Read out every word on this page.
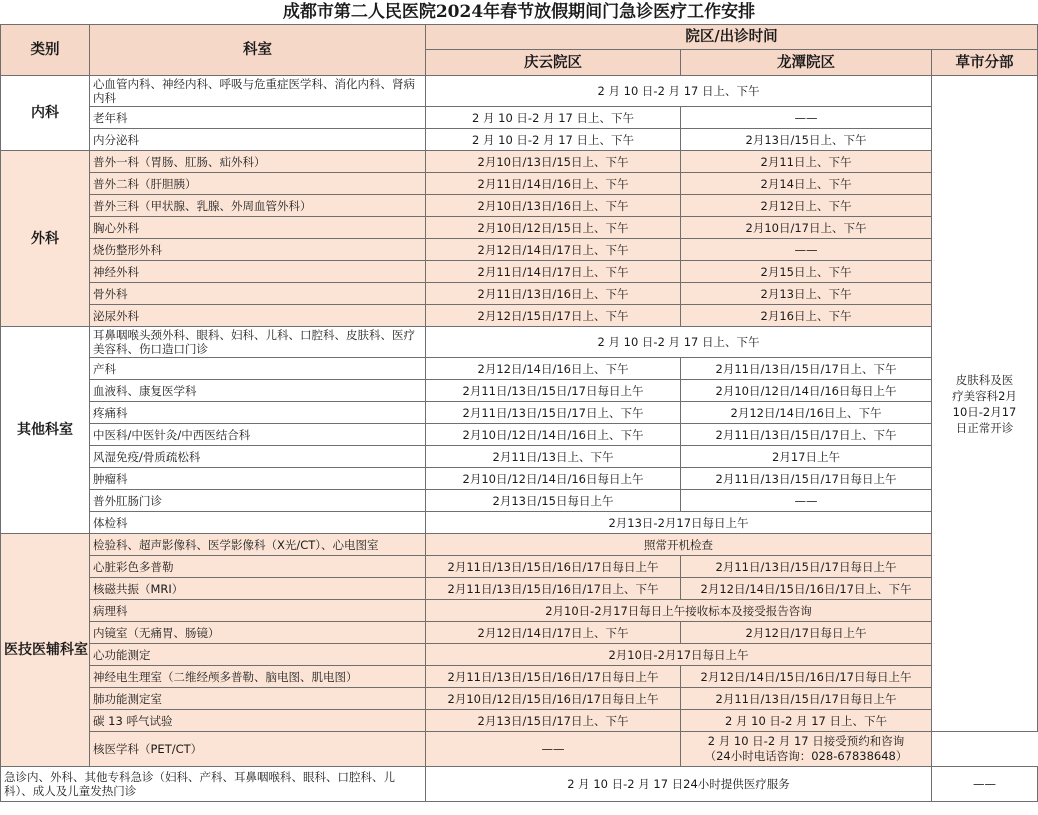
成都市第二人民医院2024年春节放假期间门急诊医疗工作安排
类别	科室	院区/出诊时间		
		庆云院区	龙潭院区	草市分部
内科	心血管内科、神经内科、呼吸与危重症医学科、消化内科、肾病内科	2 月 10 日-2 月 17 日上、下午		皮肤科及医疗美容科2月10日-2月17日正常开诊

	老年科	2 月 10 日-2 月 17 日上、下午	——	
	内分泌科	2 月 10 日-2 月 17 日上、下午	2月13日/15日上、下午	
外科	普外一科（胃肠、肛肠、疝外科）	2月10日/13日/15日上、下午	2月11日上、下午	
	普外二科（肝胆胰）	2月11日/14日/16日上、下午	2月14日上、下午	
	普外三科（甲状腺、乳腺、外周血管外科）	2月10日/13日/16日上、下午	2月12日上、下午	
	胸心外科	2月10日/12日/15日上、下午	2月10日/17日上、下午	
	烧伤整形外科	2月12日/14日/17日上、下午	——	
	神经外科	2月11日/14日/17日上、下午	2月15日上、下午	
	骨外科	2月11日/13日/16日上、下午	2月13日上、下午	
	泌尿外科	2月12日/15日/17日上、下午	2月16日上、下午	
其他科室	耳鼻咽喉头颈外科、眼科、妇科、儿科、口腔科、皮肤科、医疗美容科、伤口造口门诊	2 月 10 日-2 月 17 日上、下午		
	产科	2月12日/14日/16日上、下午	2月11日/13日/15日/17日上、下午	
	血液科、康复医学科	2月11日/13日/15日/17日每日上午	2月10日/12日/14日/16日每日上午	
	疼痛科	2月11日/13日/15日/17日上、下午	2月12日/14日/16日上、下午	
	中医科/中医针灸/中西医结合科	2月10日/12日/14日/16日上、下午	2月11日/13日/15日/17日上、下午	
	风湿免疫/骨质疏松科	2月11日/13日上、下午	2月17日上午	
	肿瘤科	2月10日/12日/14日/16日每日上午	2月11日/13日/15日/17日每日上午	
	普外肛肠门诊	2月13日/15日每日上午	——	
	体检科	2月13日-2月17日每日上午		
医技医辅科室	检验科、超声影像科、医学影像科（X光/CT）、心电图室	照常开机检查		
	心脏彩色多普勒	2月11日/13日/15日/16日/17日每日上午	2月11日/13日/15日/17日每日上午	
	核磁共振（MRI）	2月11日/13日/15日/16日/17日上、下午	2月12日/14日/15日/16日/17日上、下午	
	病理科	2月10日-2月17日每日上午接收标本及接受报告咨询		
	内镜室（无痛胃、肠镜）	2月12日/14日/17日上、下午	2月12日/17日每日上午	
	心功能测定	2月10日-2月17日每日上午		
	神经电生理室（二维经颅多普勒、脑电图、肌电图）	2月11日/13日/15日/16日/17日每日上午	2月12日/14日/15日/16日/17日每日上午	
	肺功能测定室	2月10日/12日/15日/16日/17日每日上午	2月11日/13日/15日/17日每日上午	
	碳 13 呼气试验	2月13日/15日/17日上、下午	2 月 10 日-2 月 17 日上、下午	
	核医学科（PET/CT）	——	2 月 10 日-2 月 17 日接受预约和咨询
（24小时电话咨询：028-67838648）	

急诊内、外科、其他专科急诊（妇科、产科、耳鼻咽喉科、眼科、口腔科、儿科）、成人及儿童发热门诊		2 月 10 日-2 月 17 日24小时提供医疗服务		——
